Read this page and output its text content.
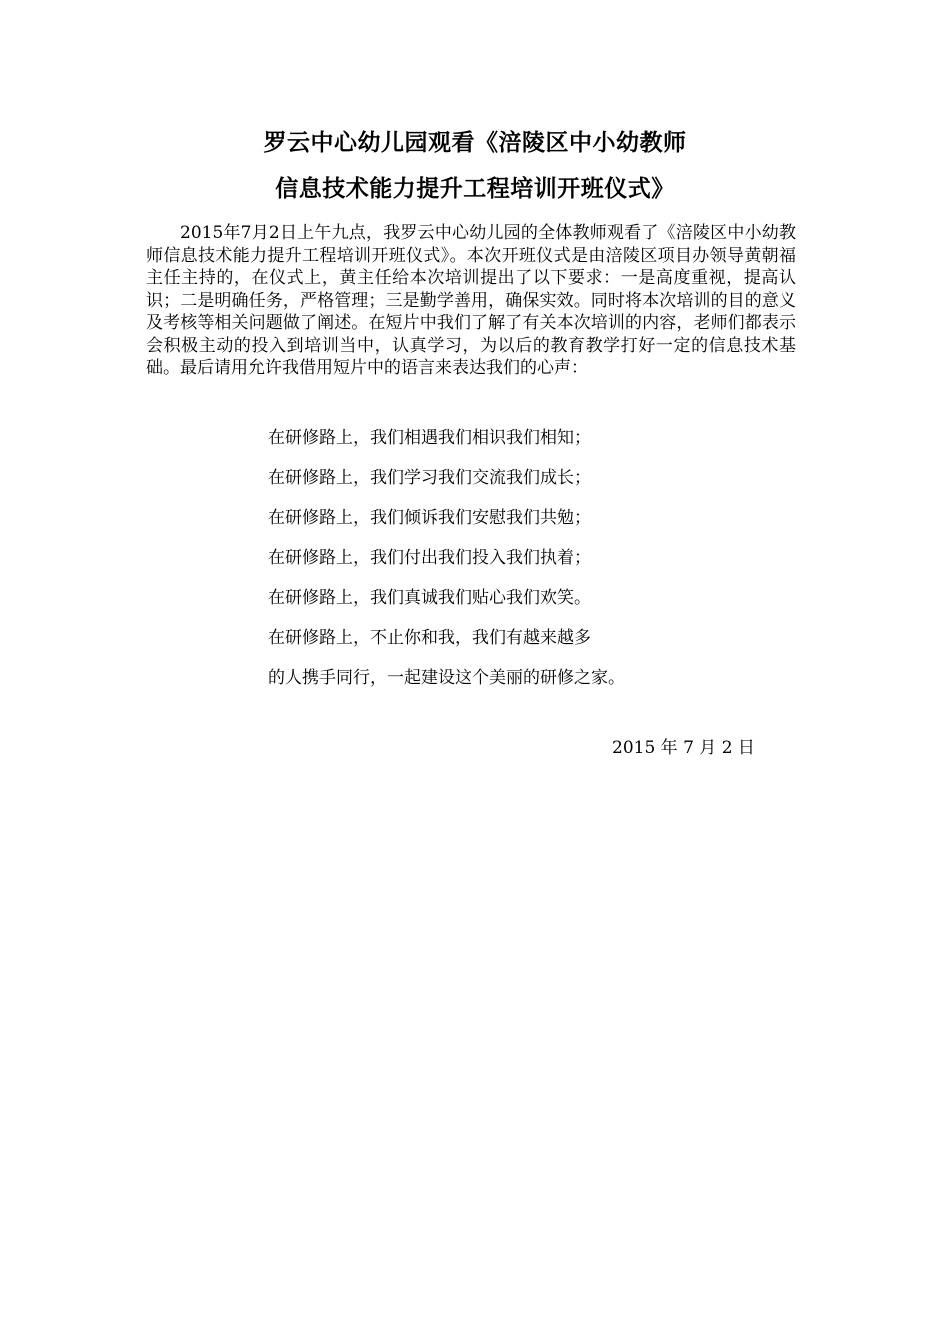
罗云中心幼儿园观看《涪陵区中小幼教师
信息技术能力提升工程培训开班仪式》

2015年7月2日上午九点，我罗云中心幼儿园的全体教师观看了《涪陵区中小幼教师信息技术能力提升工程培训开班仪式》。本次开班仪式是由涪陵区项目办领导黄朝福主任主持的，在仪式上，黄主任给本次培训提出了以下要求：一是高度重视，提高认识；二是明确任务，严格管理；三是勤学善用，确保实效。同时将本次培训的目的意义及考核等相关问题做了阐述。在短片中我们了解了有关本次培训的内容，老师们都表示会积极主动的投入到培训当中，认真学习，为以后的教育教学打好一定的信息技术基础。最后请用允许我借用短片中的语言来表达我们的心声：

在研修路上，我们相遇我们相识我们相知；
在研修路上，我们学习我们交流我们成长；
在研修路上，我们倾诉我们安慰我们共勉；
在研修路上，我们付出我们投入我们执着；
在研修路上，我们真诚我们贴心我们欢笑。
在研修路上，不止你和我，我们有越来越多
的人携手同行，一起建设这个美丽的研修之家。
2015 年 7 月 2 日
